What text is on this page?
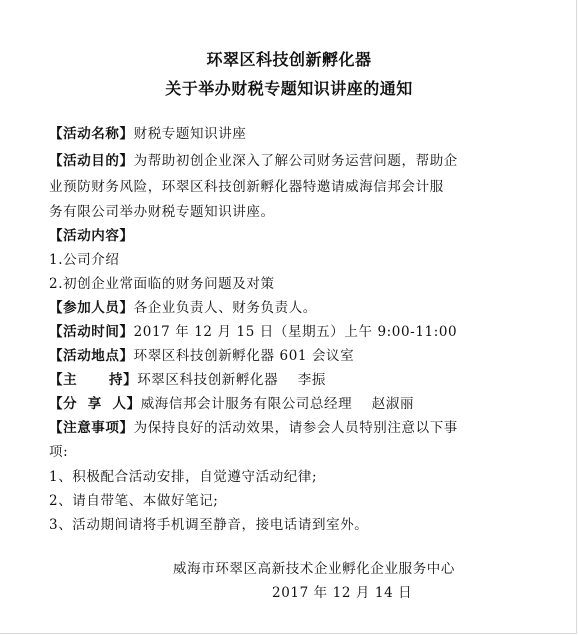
环翠区科技创新孵化器
关于举办财税专题知识讲座的通知
【活动名称】财税专题知识讲座
【活动目的】为帮助初创企业深入了解公司财务运营问题，帮助企
业预防财务风险，环翠区科技创新孵化器特邀请威海信邦会计服
务有限公司举办财税专题知识讲座。
【活动内容】
1.公司介绍
2.初创企业常面临的财务问题及对策
【参加人员】各企业负责人、财务负责人。
【活动时间】2017 年 12 月 15 日（星期五）上午 9:00-11:00
【活动地点】环翠区科技创新孵化器 601 会议室
【主      持】环翠区科技创新孵化器    李振
【分  享  人】威海信邦会计服务有限公司总经理    赵淑丽
【注意事项】为保持良好的活动效果，请参会人员特别注意以下事
项:
1、积极配合活动安排，自觉遵守活动纪律;
2、请自带笔、本做好笔记;
3、活动期间请将手机调至静音，接电话请到室外。
威海市环翠区高新技术企业孵化企业服务中心
2017 年 12 月 14 日
